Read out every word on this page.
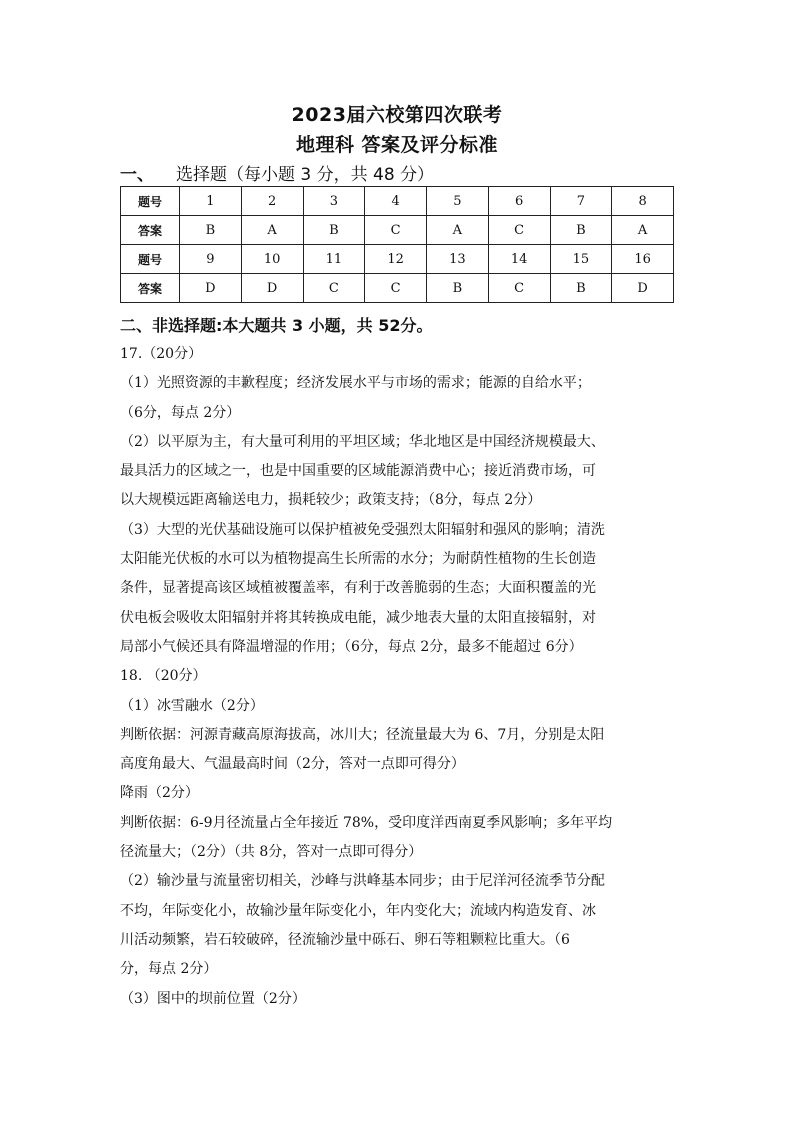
2023届六校第四次联考
地理科 答案及评分标准
一、 选择题（每小题 3 分，共 48 分）
题号	1	2	3	4	5	6	7	8
答案	B	A	B	C	A	C	B	A
题号	9	10	11	12	13	14	15	16
答案	D	D	C	C	B	C	B	D
二、非选择题:本大题共 3 小题，共 52分。

17.（20分）

（1）光照资源的丰歉程度；经济发展水平与市场的需求；能源的自给水平；

（6分，每点 2分）

（2）以平原为主，有大量可利用的平坦区域；华北地区是中国经济规模最大、

最具活力的区域之一，也是中国重要的区域能源消费中心；接近消费市场，可

以大规模远距离输送电力，损耗较少；政策支持；（8分，每点 2分）

（3）大型的光伏基础设施可以保护植被免受强烈太阳辐射和强风的影响；清洗

太阳能光伏板的水可以为植物提高生长所需的水分；为耐荫性植物的生长创造

条件，显著提高该区域植被覆盖率，有利于改善脆弱的生态；大面积覆盖的光

伏电板会吸收太阳辐射并将其转换成电能，减少地表大量的太阳直接辐射，对

局部小气候还具有降温增湿的作用；（6分，每点 2分，最多不能超过 6分）

18. （20分）

（1）冰雪融水（2分）

判断依据：河源青藏高原海拔高，冰川大；径流量最大为 6、7月，分别是太阳

高度角最大、气温最高时间（2分，答对一点即可得分）

降雨（2分）

判断依据：6-9月径流量占全年接近 78%，受印度洋西南夏季风影响；多年平均

径流量大；（2分）（共 8分，答对一点即可得分）

（2）输沙量与流量密切相关，沙峰与洪峰基本同步；由于尼洋河径流季节分配

不均，年际变化小，故输沙量年际变化小，年内变化大；流域内构造发育、冰

川活动频繁，岩石较破碎，径流输沙量中砾石、卵石等粗颗粒比重大。（6

分，每点 2分）

（3）图中的坝前位置（2分）
